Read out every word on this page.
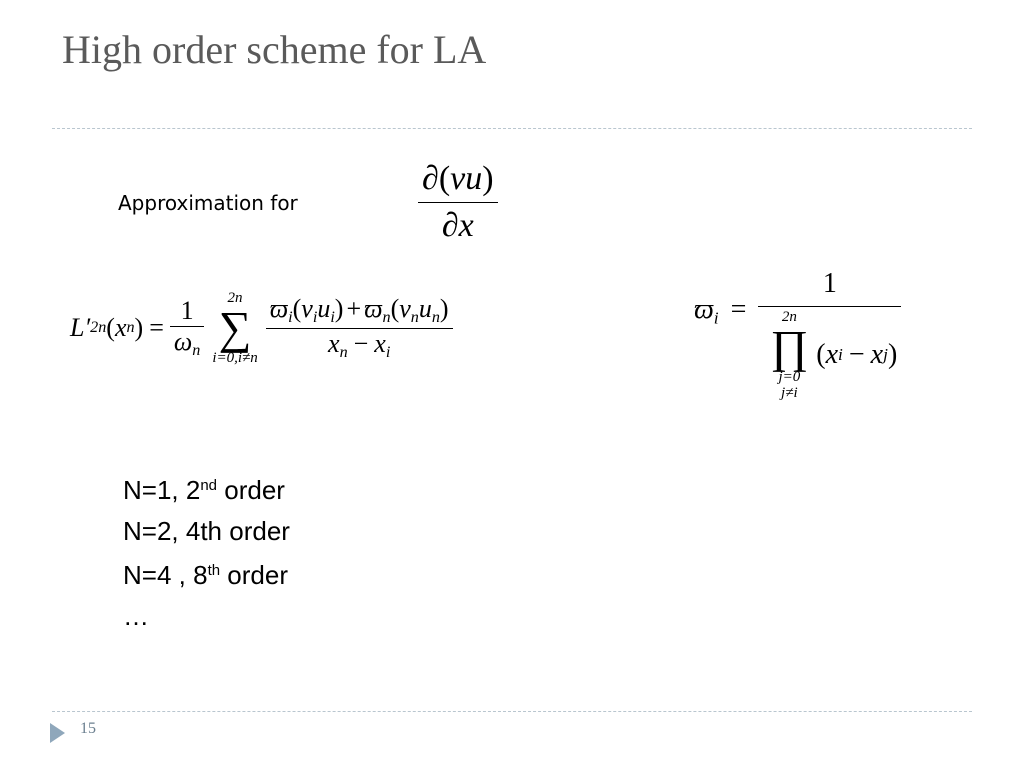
High order scheme for LA
Approximation for
∂(vu)
∂x
L′ 2n ( x n ) = $\frac{1}{\omega_n} 2n$
∑
$i=0,i\ne n \frac{ϖ_i(v_iu_i) + ϖ_n(v_nu_n)}{x_n - x_i}$	$ϖ_i$ =
1
2n
∏
j=0
j≠i
( x i − x j )
N=1, 2nd order
N=2, 4th order
N=4 , 8th order
…
15
